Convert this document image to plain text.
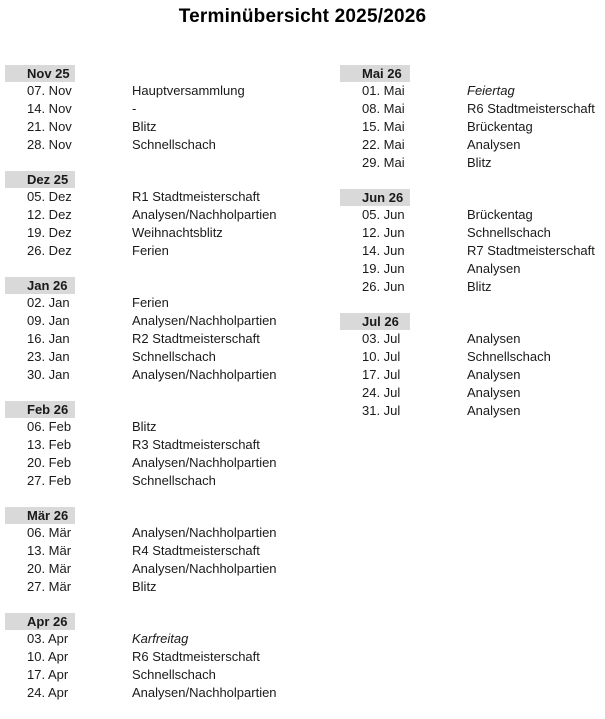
Terminübersicht 2025/2026
Nov 25
07. Nov	Hauptversammlung
14. Nov	-
21. Nov	Blitz
28. Nov	Schnellschach
Dez 25
05. Dez	R1 Stadtmeisterschaft
12. Dez	Analysen/Nachholpartien
19. Dez	Weihnachtsblitz
26. Dez	Ferien
Jan 26
02. Jan	Ferien
09. Jan	Analysen/Nachholpartien
16. Jan	R2 Stadtmeisterschaft
23. Jan	Schnellschach
30. Jan	Analysen/Nachholpartien
Feb 26
06. Feb	Blitz
13. Feb	R3 Stadtmeisterschaft
20. Feb	Analysen/Nachholpartien
27. Feb	Schnellschach
Mär 26
06. Mär	Analysen/Nachholpartien
13. Mär	R4 Stadtmeisterschaft
20. Mär	Analysen/Nachholpartien
27. Mär	Blitz
Apr 26
03. Apr	Karfreitag
10. Apr	R6 Stadtmeisterschaft
17. Apr	Schnellschach
24. Apr	Analysen/Nachholpartien
Mai 26
01. Mai	Feiertag
08. Mai	R6 Stadtmeisterschaft
15. Mai	Brückentag
22. Mai	Analysen
29. Mai	Blitz
Jun 26
05. Jun	Brückentag
12. Jun	Schnellschach
14. Jun	R7 Stadtmeisterschaft
19. Jun	Analysen
26. Jun	Blitz
Jul 26
03. Jul	Analysen
10. Jul	Schnellschach
17. Jul	Analysen
24. Jul	Analysen
31. Jul	Analysen
